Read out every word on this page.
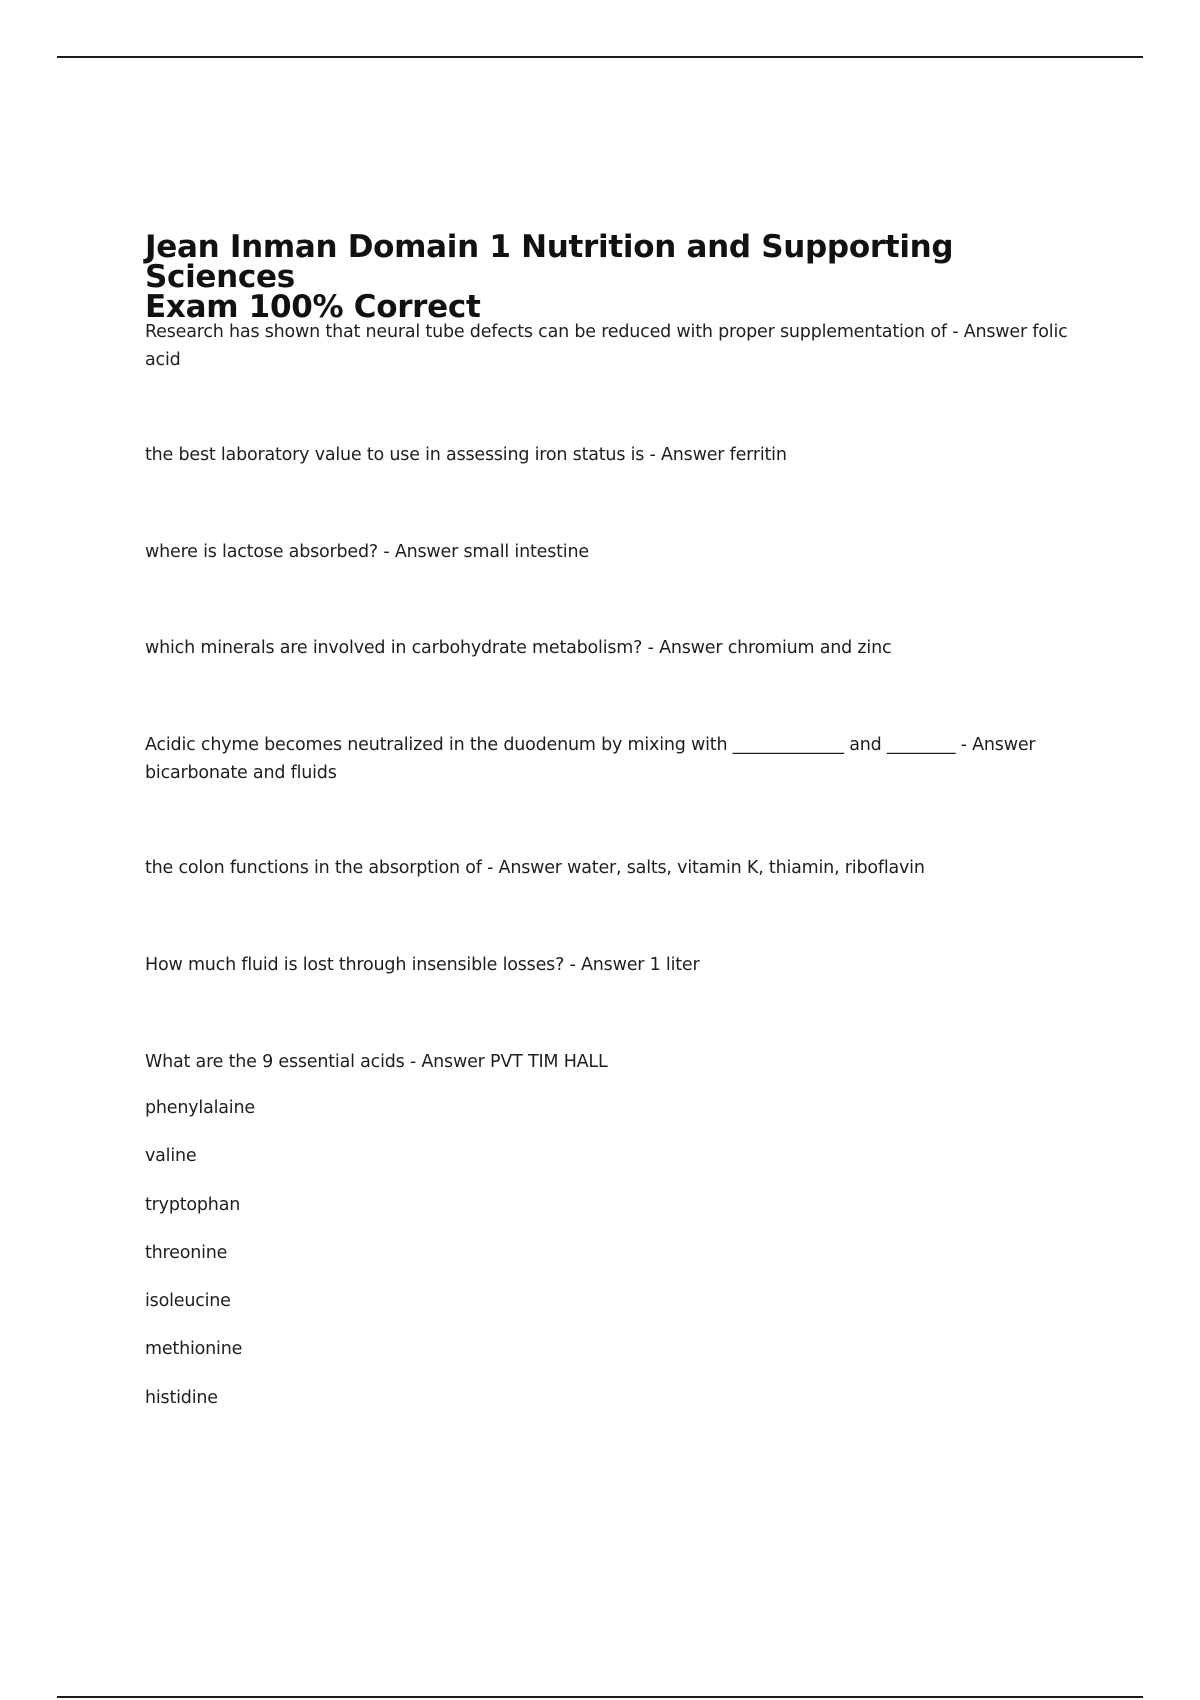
Jean Inman Domain 1 Nutrition and Supporting Sciences
Exam 100% Correct

Research has shown that neural tube defects can be reduced with proper supplementation of - Answer folic acid

the best laboratory value to use in assessing iron status is - Answer ferritin

where is lactose absorbed? - Answer small intestine

which minerals are involved in carbohydrate metabolism? - Answer chromium and zinc

Acidic chyme becomes neutralized in the duodenum by mixing with _____________ and ________ - Answer bicarbonate and fluids

the colon functions in the absorption of - Answer water, salts, vitamin K, thiamin, riboflavin

How much fluid is lost through insensible losses? - Answer 1 liter

What are the 9 essential acids - Answer PVT TIM HALL

phenylalaine
valine
tryptophan
threonine
isoleucine
methionine
histidine
